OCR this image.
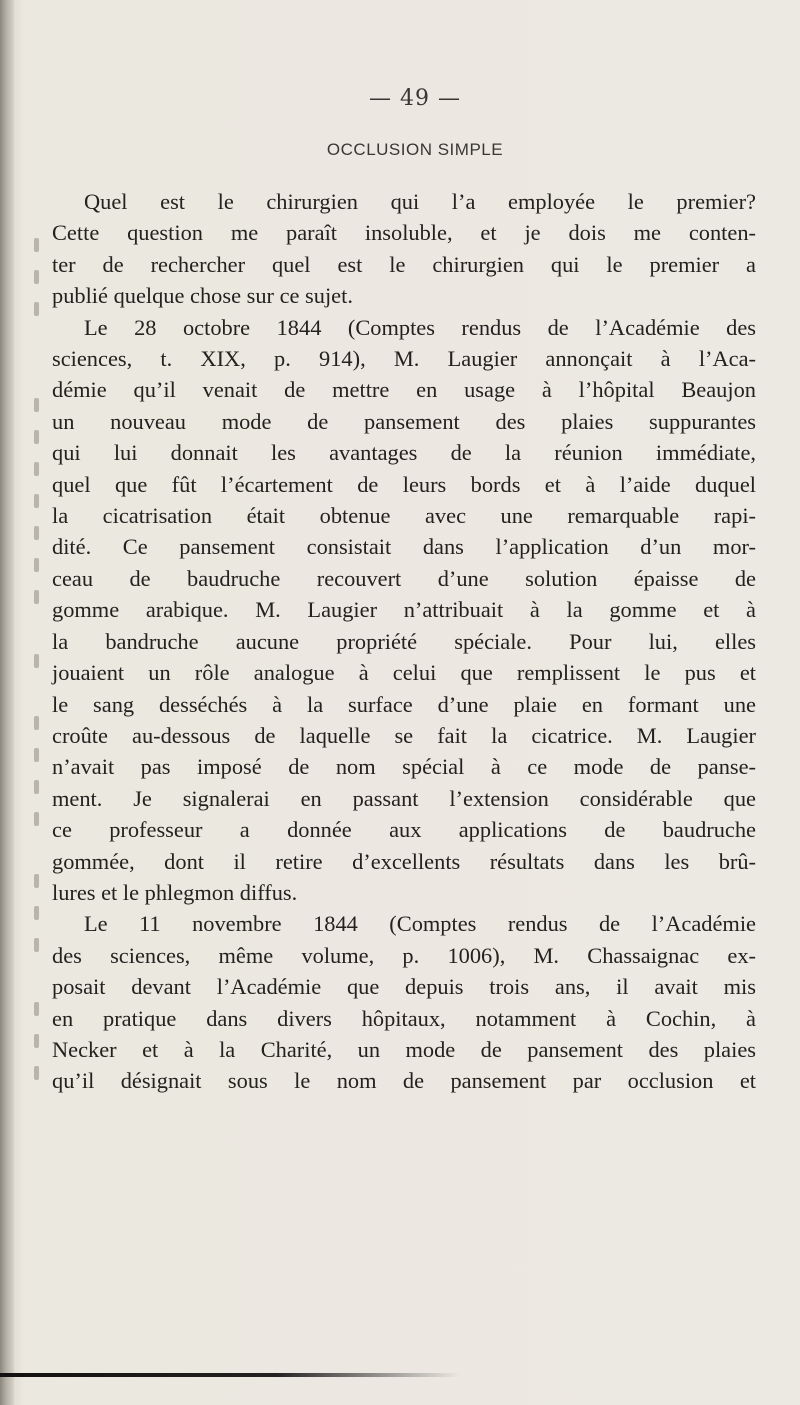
— 49 —
OCCLUSION SIMPLE
Quel est le chirurgien qui l’a employée le premier?
Cette question me paraît insoluble, et je dois me conten-
ter de rechercher quel est le chirurgien qui le premier a
publié quelque chose sur ce sujet.
Le 28 octobre 1844 (Comptes rendus de l’Académie des
sciences, t. XIX, p. 914), M. Laugier annonçait à l’Aca-
démie qu’il venait de mettre en usage à l’hôpital Beaujon
un nouveau mode de pansement des plaies suppurantes
qui lui donnait les avantages de la réunion immédiate,
quel que fût l’écartement de leurs bords et à l’aide duquel
la cicatrisation était obtenue avec une remarquable rapi-
dité. Ce pansement consistait dans l’application d’un mor-
ceau de baudruche recouvert d’une solution épaisse de
gomme arabique. M. Laugier n’attribuait à la gomme et à
la bandruche aucune propriété spéciale. Pour lui, elles
jouaient un rôle analogue à celui que remplissent le pus et
le sang desséchés à la surface d’une plaie en formant une
croûte au-dessous de laquelle se fait la cicatrice. M. Laugier
n’avait pas imposé de nom spécial à ce mode de panse-
ment. Je signalerai en passant l’extension considérable que
ce professeur a donnée aux applications de baudruche
gommée, dont il retire d’excellents résultats dans les brû-
lures et le phlegmon diffus.
Le 11 novembre 1844 (Comptes rendus de l’Académie
des sciences, même volume, p. 1006), M. Chassaignac ex-
posait devant l’Académie que depuis trois ans, il avait mis
en pratique dans divers hôpitaux, notamment à Cochin, à
Necker et à la Charité, un mode de pansement des plaies
qu’il désignait sous le nom de pansement par occlusion et
